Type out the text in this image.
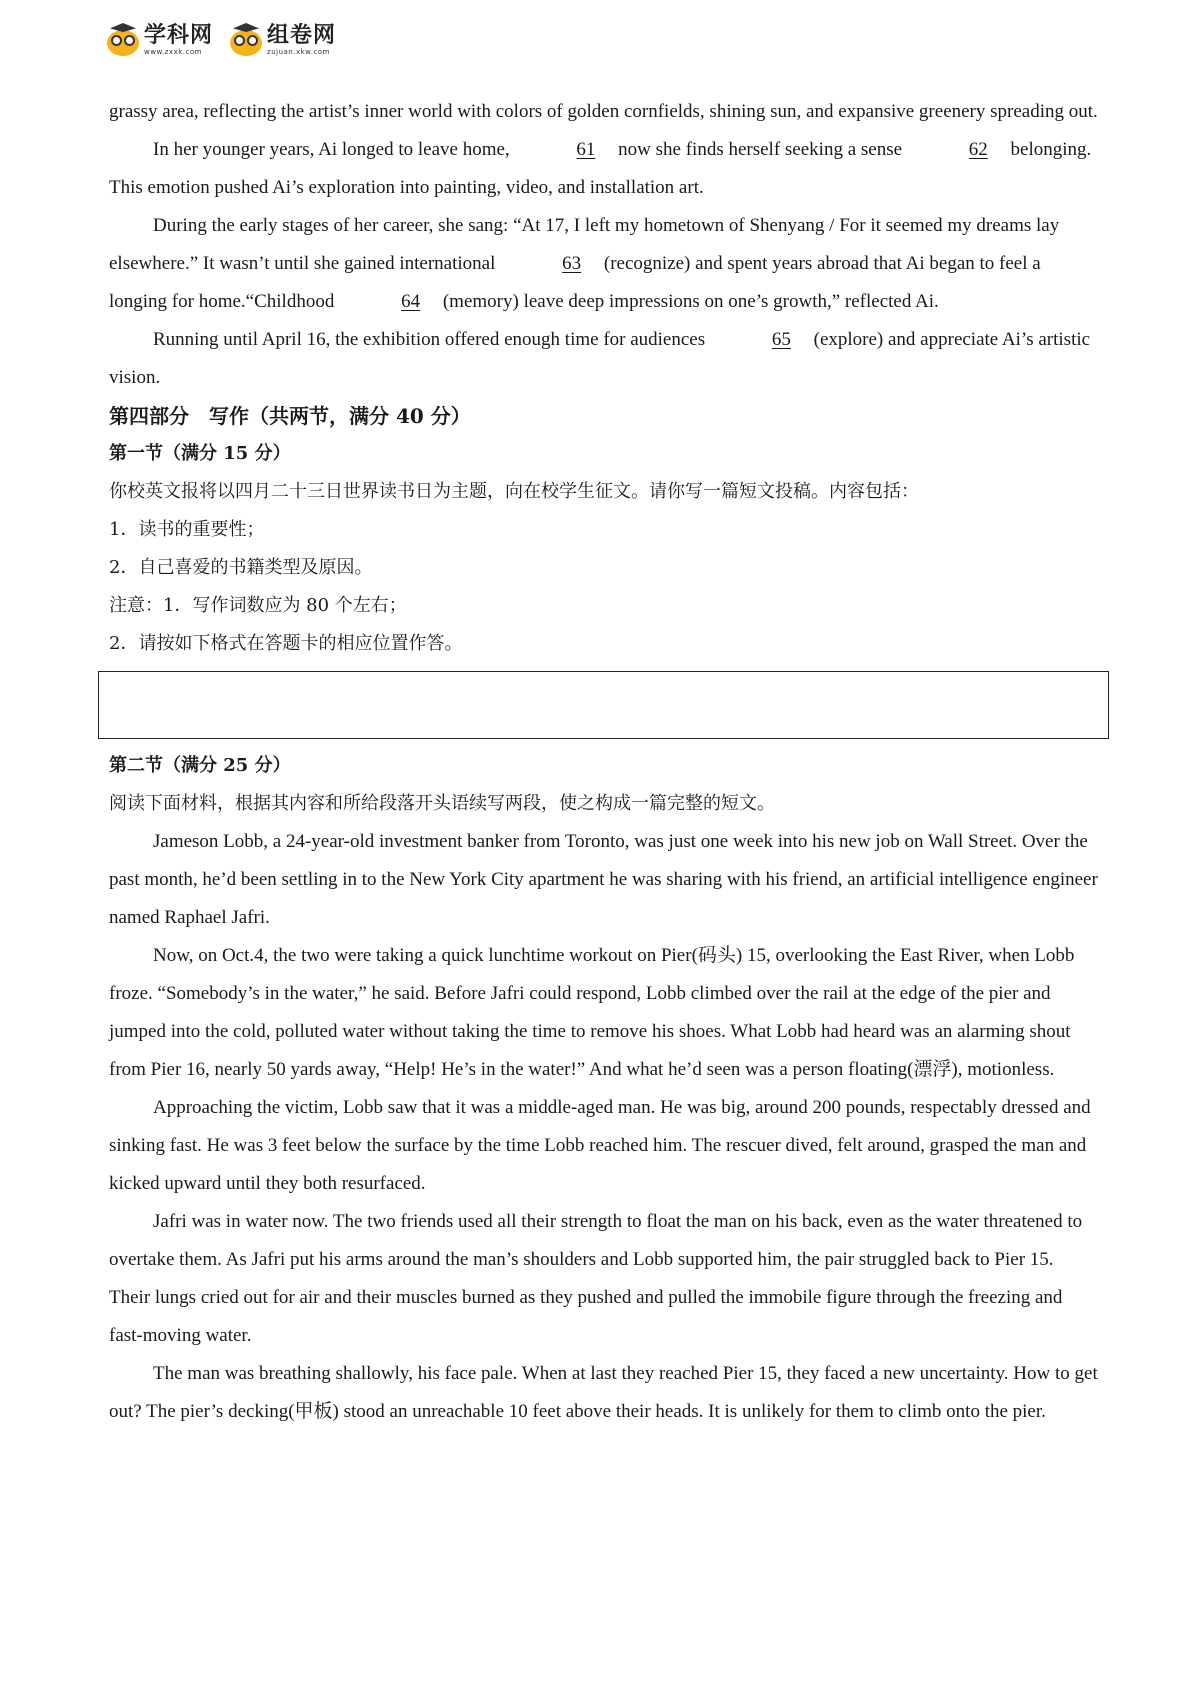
学科网
www.zxxk.com
组卷网
zujuan.xkw.com

grassy area, reflecting the artist’s inner world with colors of golden cornfields, shining sun, and expansive greenery spreading out.

In her younger years, Ai longed to leave home,	61 now she finds herself seeking a sense	62 belonging. This emotion pushed Ai’s exploration into painting, video, and installation art.

During the early stages of her career, she sang: “At 17, I left my hometown of Shenyang / For it seemed my dreams lay elsewhere.” It wasn’t until she gained international	63 (recognize) and spent years abroad that Ai began to feel a longing for home.“Childhood	64 (memory) leave deep impressions on one’s growth,” reflected Ai.

Running until April 16, the exhibition offered enough time for audiences	65 (explore) and appreciate Ai’s artistic vision.

第四部分　写作（共两节，满分 40 分）

第一节（满分 15 分）

你校英文报将以四月二十三日世界读书日为主题，向在校学生征文。请你写一篇短文投稿。内容包括：

1．读书的重要性；

2．自己喜爱的书籍类型及原因。

注意：1．写作词数应为 80 个左右；

2．请按如下格式在答题卡的相应位置作答。

第二节（满分 25 分）

阅读下面材料，根据其内容和所给段落开头语续写两段，使之构成一篇完整的短文。

Jameson Lobb, a 24-year-old investment banker from Toronto, was just one week into his new job on Wall Street. Over the past month, he’d been settling in to the New York City apartment he was sharing with his friend, an artificial intelligence engineer named Raphael Jafri.

Now, on Oct.4, the two were taking a quick lunchtime workout on Pier(码头) 15, overlooking the East River, when Lobb froze. “Somebody’s in the water,” he said. Before Jafri could respond, Lobb climbed over the rail at the edge of the pier and jumped into the cold, polluted water without taking the time to remove his shoes. What Lobb had heard was an alarming shout from Pier 16, nearly 50 yards away, “Help! He’s in the water!” And what he’d seen was a person floating(漂浮), motionless.

Approaching the victim, Lobb saw that it was a middle-aged man. He was big, around 200 pounds, respectably dressed and sinking fast. He was 3 feet below the surface by the time Lobb reached him. The rescuer dived, felt around, grasped the man and kicked upward until they both resurfaced.

Jafri was in water now. The two friends used all their strength to float the man on his back, even as the water threatened to overtake them. As Jafri put his arms around the man’s shoulders and Lobb supported him, the pair struggled back to Pier 15. Their lungs cried out for air and their muscles burned as they pushed and pulled the immobile figure through the freezing and fast-moving water.

The man was breathing shallowly, his face pale. When at last they reached Pier 15, they faced a new uncertainty. How to get out? The pier’s decking(甲板) stood an unreachable 10 feet above their heads. It is unlikely for them to climb onto the pier.
